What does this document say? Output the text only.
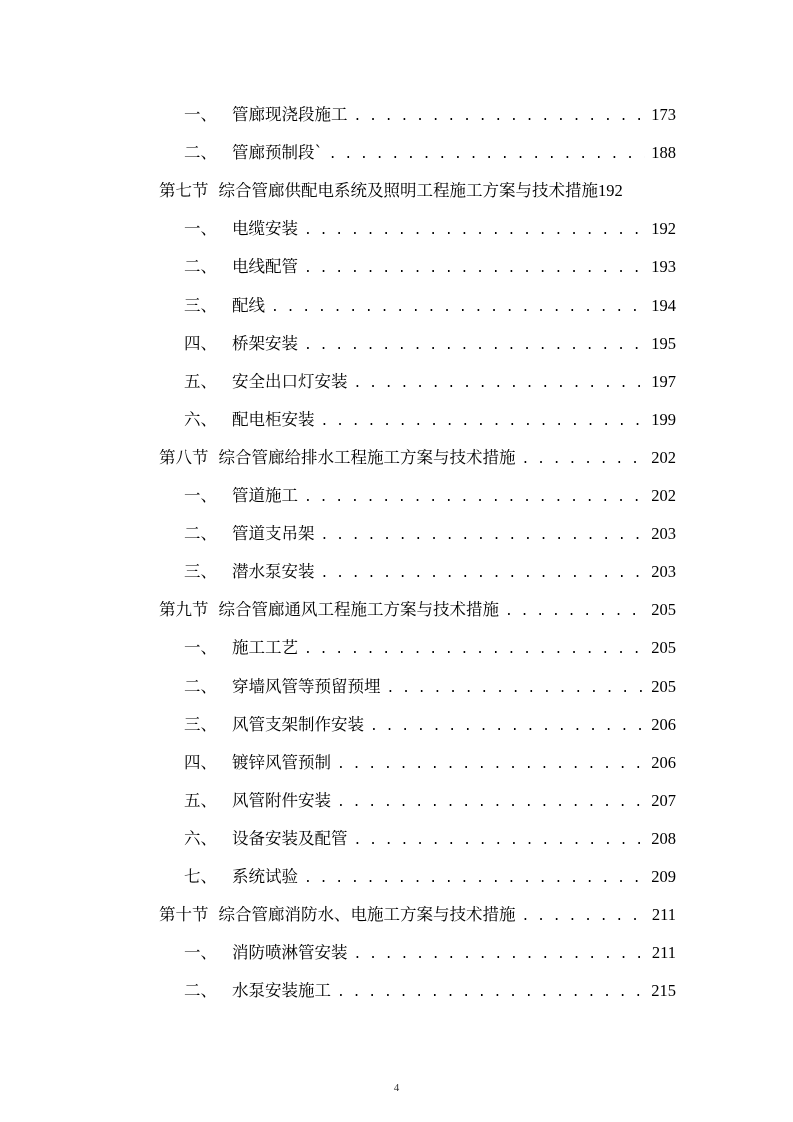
一、 管廊现浇段施工 . . .	173
二、 管廊预制段` . . .	188
第七节 综合管廊供配电系统及照明工程施工方案与技术措施 192
一、 电缆安装 . . .	192
二、 电线配管 . . .	193
三、 配线 . . .	194
四、 桥架安装 . . .	195
五、 安全出口灯安装 . . .	197
六、 配电柜安装 . . .	199
第八节 综合管廊给排水工程施工方案与技术措施 . . .	202
一、 管道施工 . . .	202
二、 管道支吊架 . . .	203
三、 潜水泵安装 . . .	203
第九节 综合管廊通风工程施工方案与技术措施 . . .	205
一、 施工工艺 . . .	205
二、 穿墙风管等预留预埋 . . .	205
三、 风管支架制作安装 . . .	206
四、 镀锌风管预制 . . .	206
五、 风管附件安装 . . .	207
六、 设备安装及配管 . . .	208
七、 系统试验 . . .	209
第十节 综合管廊消防水、电施工方案与技术措施 . . .	211
一、 消防喷淋管安装 . . .	211
二、 水泵安装施工 . . .	215
4
